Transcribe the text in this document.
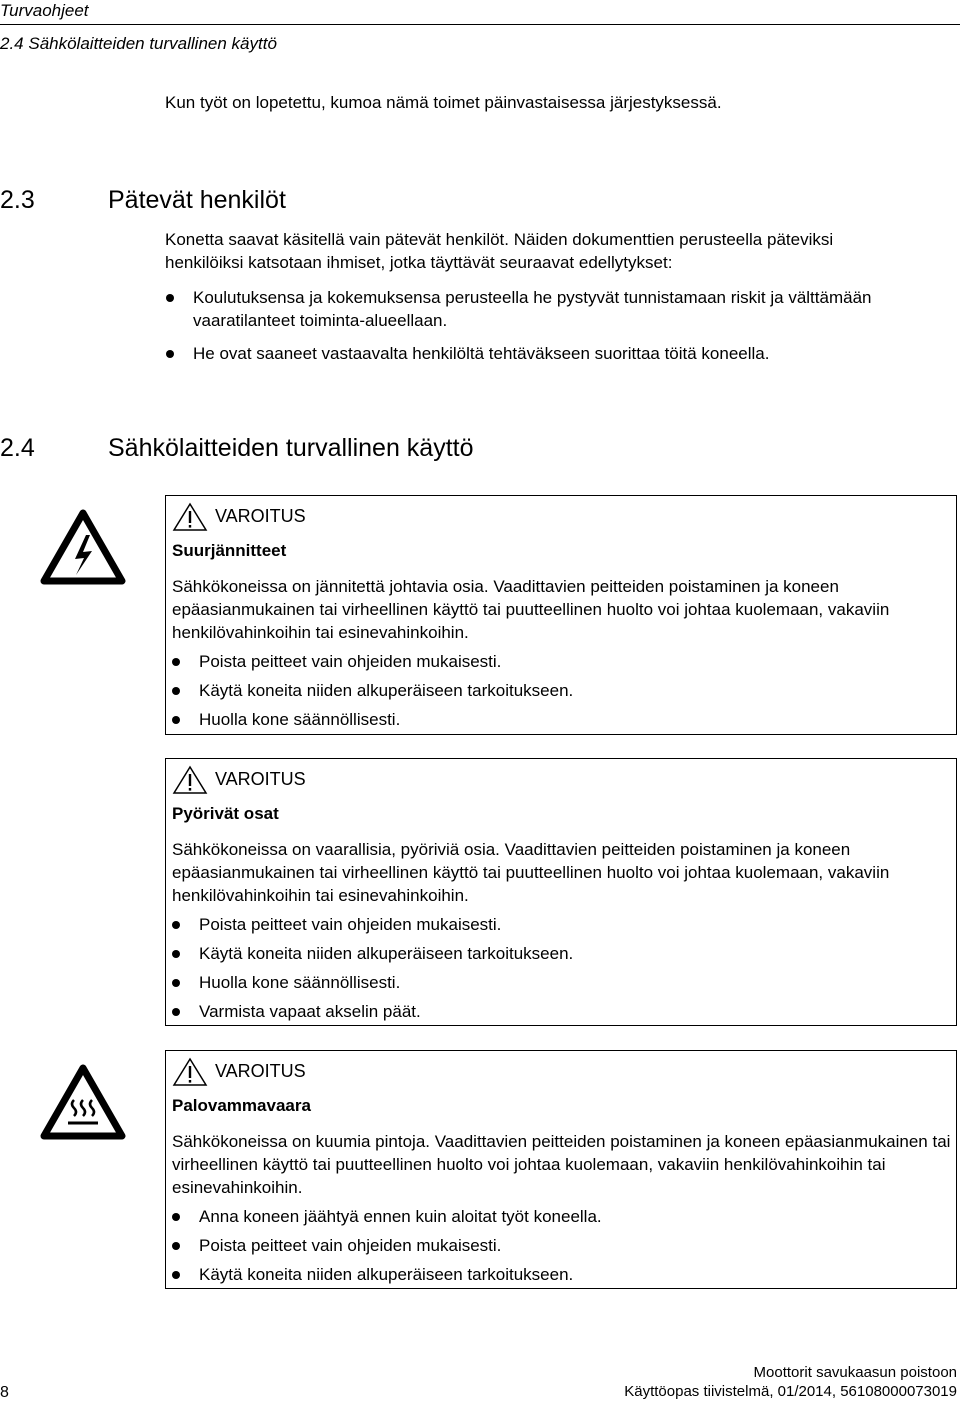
Turvaohjeet
2.4 Sähkölaitteiden turvallinen käyttö
Kun työt on lopetettu, kumoa nämä toimet päinvastaisessa järjestyksessä.
2.3	Pätevät henkilöt
Konetta saavat käsitellä vain pätevät henkilöt. Näiden dokumenttien perusteella päteviksi
henkilöiksi katsotaan ihmiset, jotka täyttävät seuraavat edellytykset:
Koulutuksensa ja kokemuksensa perusteella he pystyvät tunnistamaan riskit ja välttämään
vaaratilanteet toiminta-alueellaan.
He ovat saaneet vastaavalta henkilöltä tehtäväkseen suorittaa töitä koneella.
2.4	Sähkölaitteiden turvallinen käyttö
VAROITUS
Suurjännitteet
Sähkökoneissa on jännitettä johtavia osia. Vaadittavien peitteiden poistaminen ja koneen epäasianmukainen tai virheellinen käyttö tai puutteellinen huolto voi johtaa kuolemaan, vakaviin henkilövahinkoihin tai esinevahinkoihin.
Poista peitteet vain ohjeiden mukaisesti.
Käytä koneita niiden alkuperäiseen tarkoitukseen.
Huolla kone säännöllisesti.
VAROITUS
Pyörivät osat
Sähkökoneissa on vaarallisia, pyöriviä osia. Vaadittavien peitteiden poistaminen ja koneen epäasianmukainen tai virheellinen käyttö tai puutteellinen huolto voi johtaa kuolemaan, vakaviin henkilövahinkoihin tai esinevahinkoihin.
Poista peitteet vain ohjeiden mukaisesti.
Käytä koneita niiden alkuperäiseen tarkoitukseen.
Huolla kone säännöllisesti.
Varmista vapaat akselin päät.
VAROITUS
Palovammavaara
Sähkökoneissa on kuumia pintoja. Vaadittavien peitteiden poistaminen ja koneen epäasianmukainen tai virheellinen käyttö tai puutteellinen huolto voi johtaa kuolemaan, vakaviin henkilövahinkoihin tai esinevahinkoihin.
Anna koneen jäähtyä ennen kuin aloitat työt koneella.
Poista peitteet vain ohjeiden mukaisesti.
Käytä koneita niiden alkuperäiseen tarkoitukseen.
8
Moottorit savukaasun poistoon
Käyttöopas tiivistelmä, 01/2014, 56108000073019
